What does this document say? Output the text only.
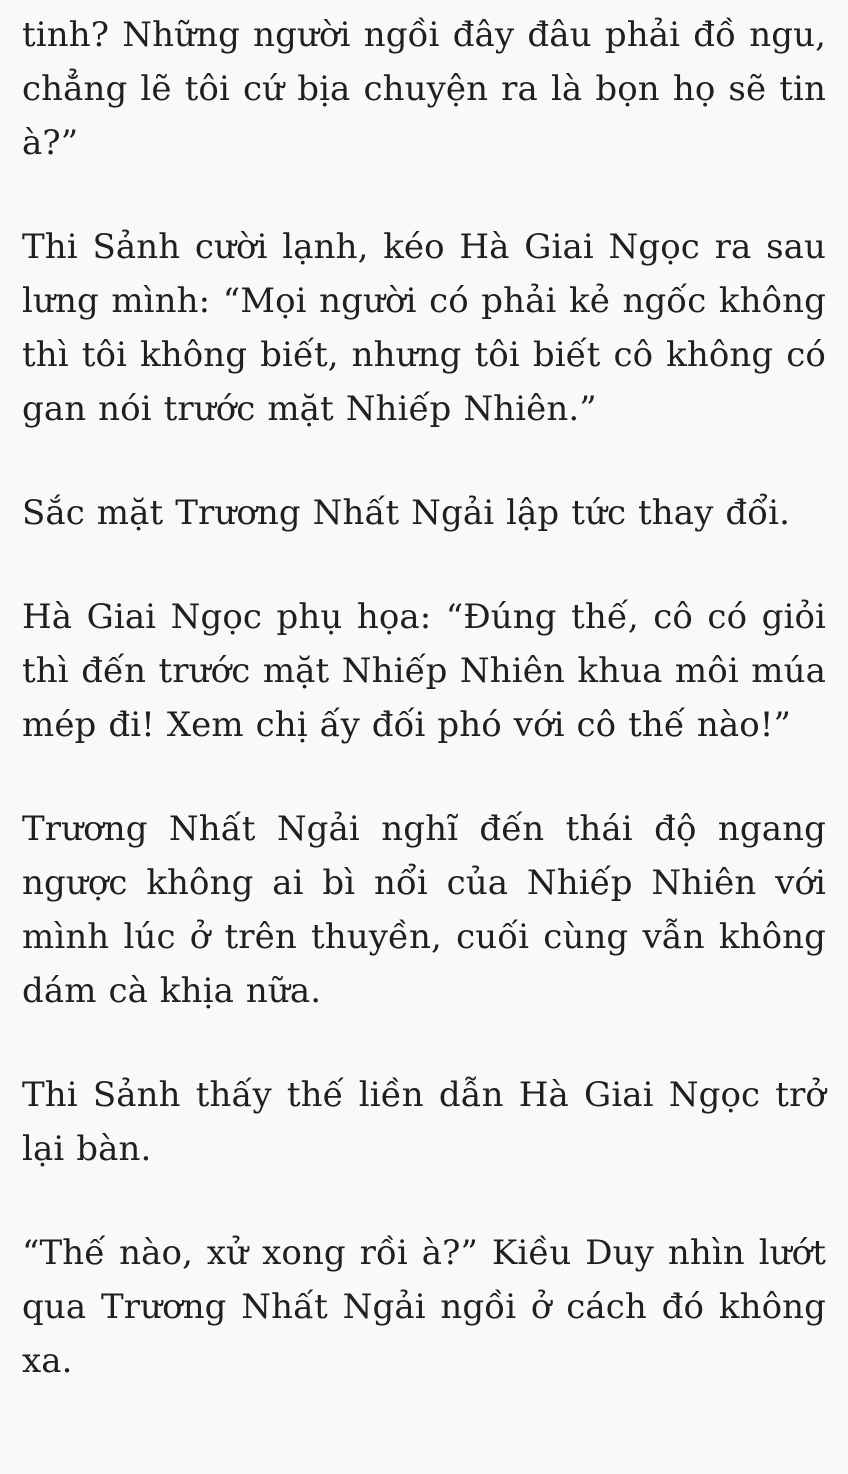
tinh? Những người ngồi đây đâu phải đồ ngu, chẳng lẽ tôi cứ bịa chuyện ra là bọn họ sẽ tin à?”

Thi Sảnh cười lạnh, kéo Hà Giai Ngọc ra sau lưng mình: “Mọi người có phải kẻ ngốc không thì tôi không biết, nhưng tôi biết cô không có gan nói trước mặt Nhiếp Nhiên.”

Sắc mặt Trương Nhất Ngải lập tức thay đổi.

Hà Giai Ngọc phụ họa: “Đúng thế, cô có giỏi thì đến trước mặt Nhiếp Nhiên khua môi múa mép đi! Xem chị ấy đối phó với cô thế nào!”

Trương Nhất Ngải nghĩ đến thái độ ngang ngược không ai bì nổi của Nhiếp Nhiên với mình lúc ở trên thuyền, cuối cùng vẫn không dám cà khịa nữa.

Thi Sảnh thấy thế liền dẫn Hà Giai Ngọc trở lại bàn.

“Thế nào, xử xong rồi à?” Kiều Duy nhìn lướt qua Trương Nhất Ngải ngồi ở cách đó không xa.
